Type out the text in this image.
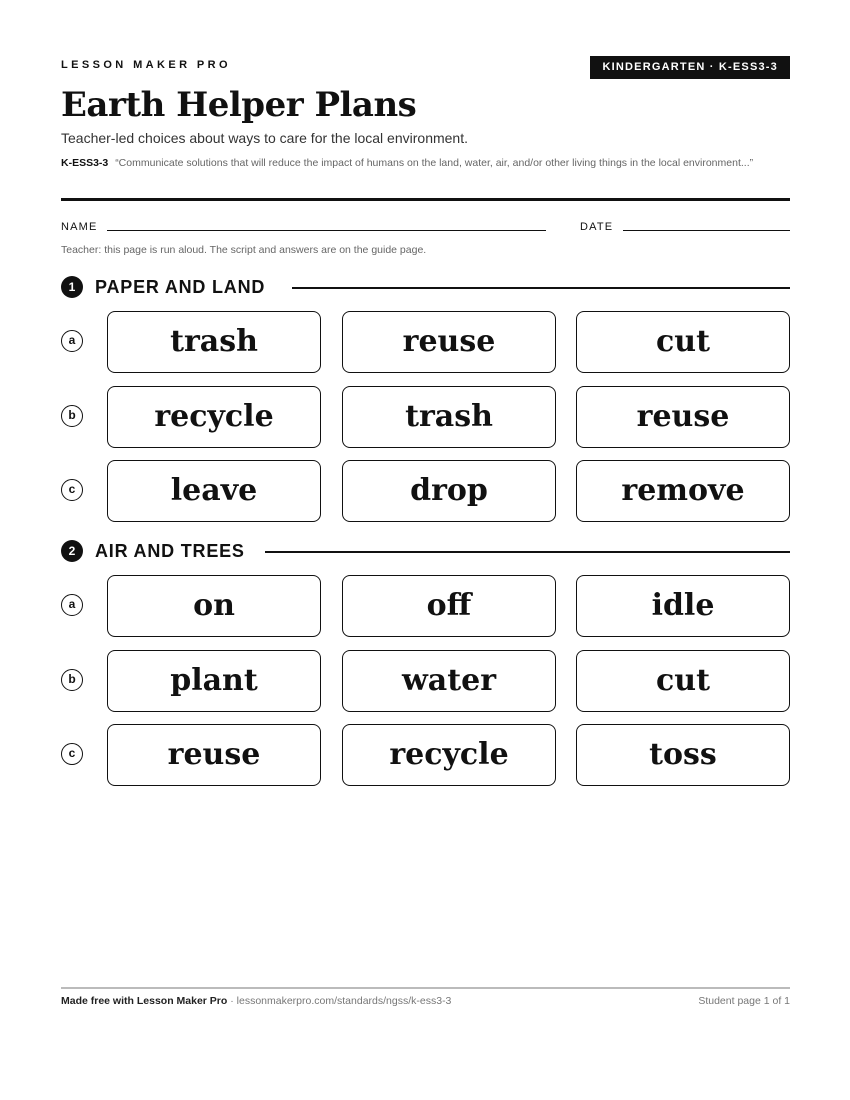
LESSON MAKER PRO	KINDERGARTEN · K-ESS3-3
Earth Helper Plans
Teacher-led choices about ways to care for the local environment.
K-ESS3-3 “Communicate solutions that will reduce the impact of humans on the land, water, air, and/or other living things in the local environment...”
NAME	DATE
Teacher: this page is run aloud. The script and answers are on the guide page.
1	PAPER AND LAND
a	trash	reuse	cut
b	recycle	trash	reuse
c	leave	drop	remove
2	AIR AND TREES
a	on	off	idle
b	plant	water	cut
c	reuse	recycle	toss
Made free with Lesson Maker Pro · lessonmakerpro.com/standards/ngss/k-ess3-3	Student page 1 of 1
